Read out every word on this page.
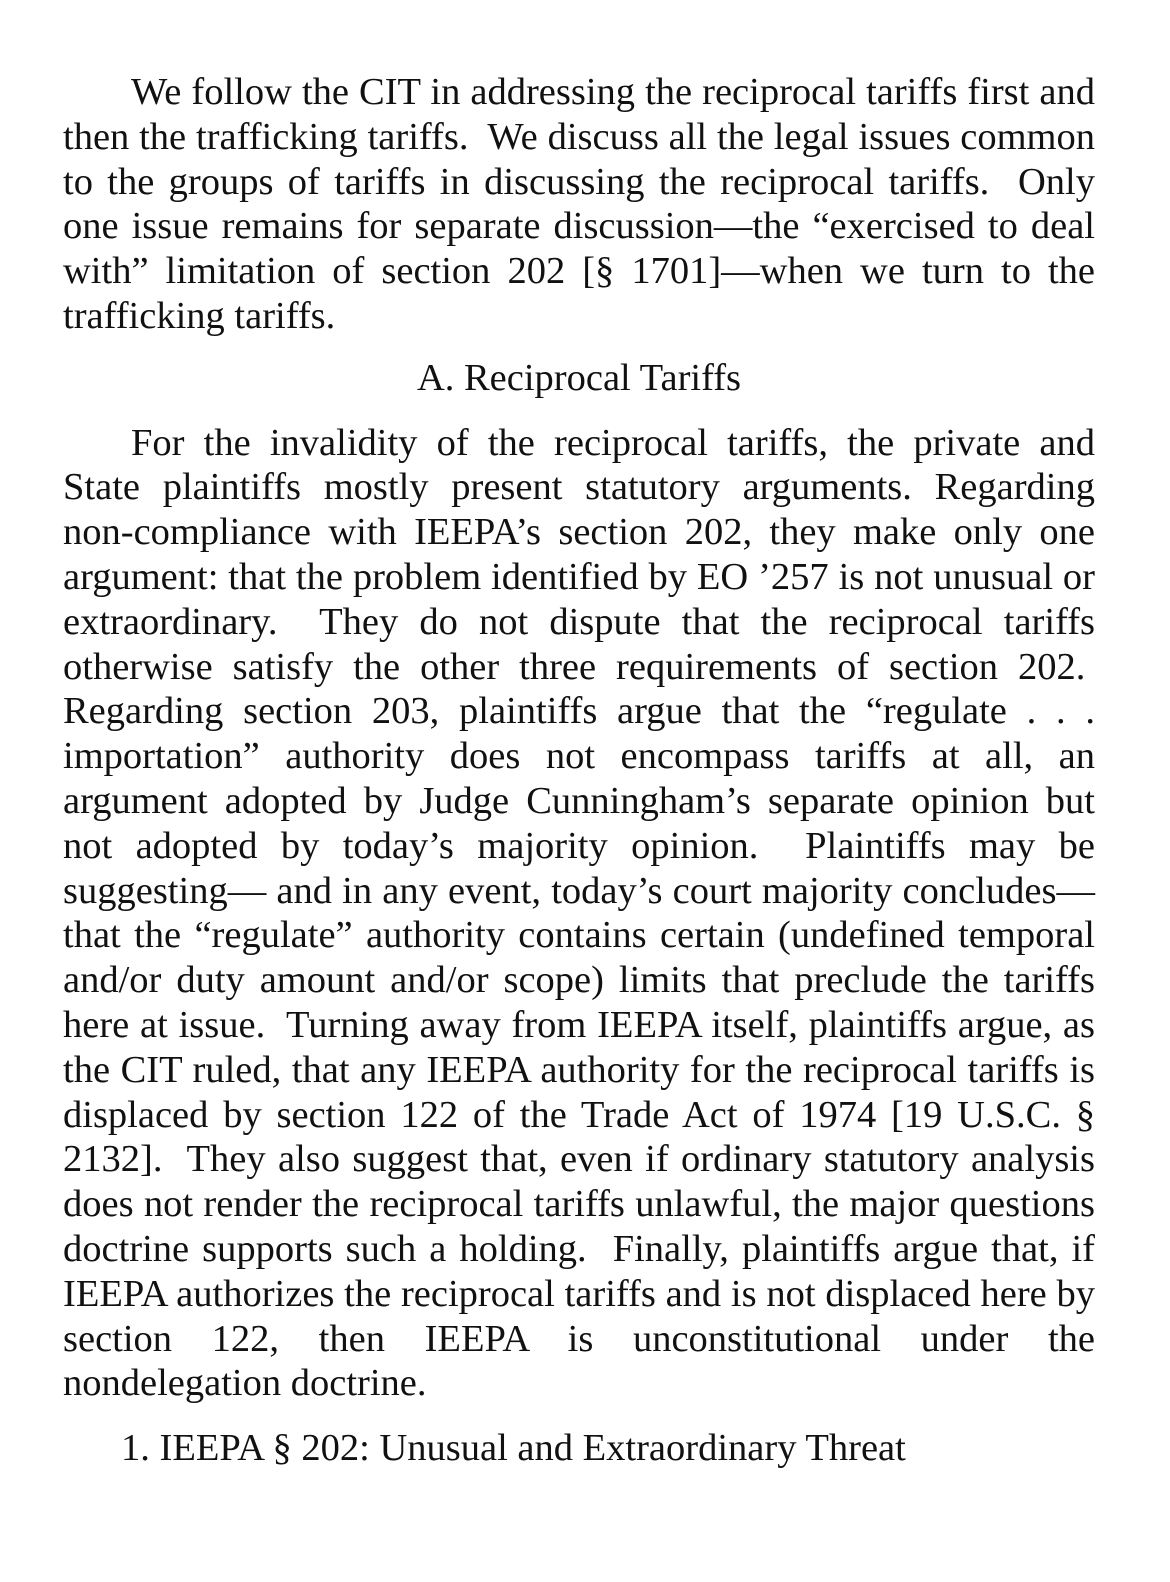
We follow the CIT in addressing the reciprocal tariffs first and then the trafficking tariffs.  We discuss all the legal issues common to the groups of tariffs in discussing the reciprocal tariffs.  Only one issue remains for separate discussion—the “exercised to deal with” limitation of section 202 [§ 1701]—when we turn to the trafficking tariffs.

A. Reciprocal Tariffs

For the invalidity of the reciprocal tariffs, the private and State plaintiffs mostly present statutory arguments. Regarding non-compliance with IEEPA’s section 202, they make only one argument: that the problem identified by EO ’257 is not unusual or extraordinary.  They do not dispute that the reciprocal tariffs otherwise satisfy the other three requirements of section 202.  Regarding section 203, plaintiffs argue that the “regulate . . . importation” authority does not encompass tariffs at all, an argument adopted by Judge Cunningham’s separate opinion but not adopted by today’s majority opinion.  Plaintiffs may be suggesting— and in any event, today’s court majority concludes—that the “regulate” authority contains certain (undefined temporal and/or duty amount and/or scope) limits that preclude the tariffs here at issue.  Turning away from IEEPA itself, plaintiffs argue, as the CIT ruled, that any IEEPA authority for the reciprocal tariffs is displaced by section 122 of the Trade Act of 1974 [19 U.S.C. § 2132].  They also suggest that, even if ordinary statutory analysis does not render the reciprocal tariffs unlawful, the major questions doctrine supports such a holding.  Finally, plaintiffs argue that, if IEEPA authorizes the reciprocal tariffs and is not displaced here by section 122, then IEEPA is unconstitutional under the nondelegation doctrine.

1. IEEPA § 202: Unusual and Extraordinary Threat
